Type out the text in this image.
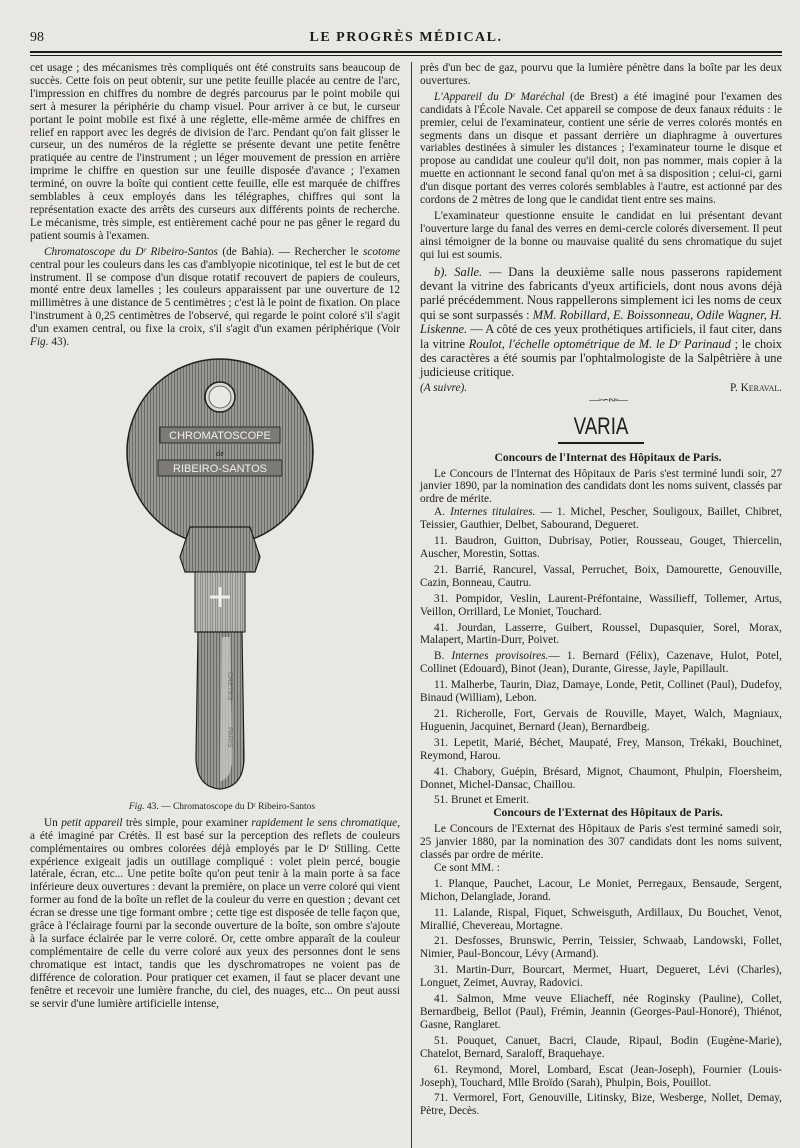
98	LE PROGRÈS MÉDICAL.

cet usage ; des mécanismes très compliqués ont été construits sans beaucoup de succès. Cette fois on peut obtenir, sur une petite feuille placée au centre de l'arc, l'impression en chiffres du nombre de degrés parcourus par le point mobile qui sert à mesurer la périphérie du champ visuel. Pour arriver à ce but, le curseur portant le point mobile est fixé à une réglette, elle-même armée de chiffres en relief en rapport avec les degrés de division de l'arc. Pendant qu'on fait glisser le curseur, un des numéros de la réglette se présente devant une petite fenêtre pratiquée au centre de l'instrument ; un léger mouvement de pression en arrière imprime le chiffre en question sur une feuille disposée d'avance ; l'examen terminé, on ouvre la boîte qui contient cette feuille, elle est marquée de chiffres semblables à ceux employés dans les télégraphes, chiffres qui sont la représentation exacte des arrêts des curseurs aux différents points de recherche. Le mécanisme, très simple, est entièrement caché pour ne pas gêner le regard du patient soumis à l'examen.

Chromatoscope du Dʳ Ribeiro-Santos (de Bahia). — Rechercher le scotome central pour les couleurs dans les cas d'amblyopie nicotinique, tel est le but de cet instrument. Il se compose d'un disque rotatif recouvert de papiers de couleurs, monté entre deux lamelles ; les couleurs apparaissent par une ouverture de 12 millimètres à une distance de 5 centimètres ; c'est là le point de fixation. On place l'instrument à 0,25 centimètres de l'observé, qui regarde le point coloré s'il s'agit d'un examen central, ou fixe la croix, s'il s'agit d'un examen périphérique (Voir Fig. 43).

CHROMATOSCOPE
de
RIBEIRO-SANTOS
CRÉTÈS
PARIS

Fig. 43. — Chromatoscope du Dʳ Ribeiro-Santos

Un petit appareil très simple, pour examiner rapidement le sens chromatique, a été imaginé par Crétès. Il est basé sur la perception des reflets de couleurs complémentaires ou ombres colorées déjà employés par le Dʳ Stilling. Cette expérience exigeait jadis un outillage compliqué : volet plein percé, bougie latérale, écran, etc... Une petite boîte qu'on peut tenir à la main porte à sa face inférieure deux ouvertures : devant la première, on place un verre coloré qui vient former au fond de la boîte un reflet de la couleur du verre en question ; devant cet écran se dresse une tige formant ombre ; cette tige est disposée de telle façon que, grâce à l'éclairage fourni par la seconde ouverture de la boîte, son ombre s'ajoute à la surface éclairée par le verre coloré. Or, cette ombre apparaît de la couleur complémentaire de celle du verre coloré aux yeux des personnes dont le sens chromatique est intact, tandis que les dyschromatropes ne voient pas de différence de coloration. Pour pratiquer cet examen, il faut se placer devant une fenêtre et recevoir une lumière franche, du ciel, des nuages, etc... On peut aussi se servir d'une lumière artificielle intense,

près d'un bec de gaz, pourvu que la lumière pénètre dans la boîte par les deux ouvertures.

L'Appareil du Dʳ Maréchal (de Brest) a été imaginé pour l'examen des candidats à l'École Navale. Cet appareil se compose de deux fanaux réduits : le premier, celui de l'examinateur, contient une série de verres colorés montés en segments dans un disque et passant derrière un diaphragme à ouvertures variables destinées à simuler les distances ; l'examinateur tourne le disque et propose au candidat une couleur qu'il doit, non pas nommer, mais copier à la muette en actionnant le second fanal qu'on met à sa disposition ; celui-ci, garni d'un disque portant des verres colorés semblables à l'autre, est actionné par des cordons de 2 mètres de long que le candidat tient entre ses mains.

L'examinateur questionne ensuite le candidat en lui présentant devant l'ouverture large du fanal des verres en demi-cercle colorés diversement. Il peut ainsi témoigner de la bonne ou mauvaise qualité du sens chromatique du sujet qui lui est soumis.

b). Salle. — Dans la deuxième salle nous passerons rapidement devant la vitrine des fabricants d'yeux artificiels, dont nous avons déjà parlé précédemment. Nous rappellerons simplement ici les noms de ceux qui se sont surpassés : MM. Robillard, E. Boissonneau, Odile Wagner, H. Liskenne. — A côté de ces yeux prothétiques artificiels, il faut citer, dans la vitrine Roulot, l'échelle optométrique de M. le Dʳ Parinaud ; le choix des caractères a été soumis par l'ophtalmologiste de la Salpêtrière à une judicieuse critique.

(A suivre).	P. Keraval.

—◦∽∾◦—

VARIA

Concours de l'Internat des Hôpitaux de Paris.

Le Concours de l'Internat des Hôpitaux de Paris s'est terminé lundi soir, 27 janvier 1890, par la nomination des candidats dont les noms suivent, classés par ordre de mérite.

A. Internes titulaires. — 1. Michel, Pescher, Souligoux, Baillet, Chibret, Teissier, Gauthier, Delbet, Sabourand, Degueret.

11. Baudron, Guitton, Dubrisay, Potier, Rousseau, Gouget, Thiercelin, Auscher, Morestin, Sottas.

21. Barrié, Rancurel, Vassal, Perruchet, Boix, Damourette, Genouville, Cazin, Bonneau, Cautru.

31. Pompidor, Veslin, Laurent-Préfontaine, Wassilieff, Tollemer, Artus, Veillon, Orrillard, Le Moniet, Touchard.

41. Jourdan, Lasserre, Guibert, Roussel, Dupasquier, Sorel, Morax, Malapert, Martin-Durr, Poivet.

B. Internes provisoires.— 1. Bernard (Félix), Cazenave, Hulot, Potel, Collinet (Edouard), Binot (Jean), Durante, Giresse, Jayle, Papillault.

11. Malherbe, Taurin, Diaz, Damaye, Londe, Petit, Collinet (Paul), Dudefoy, Binaud (William), Lebon.

21. Richerolle, Fort, Gervais de Rouville, Mayet, Walch, Magniaux, Huguenin, Jacquinet, Bernard (Jean), Bernardbeig.

31. Lepetit, Marié, Béchet, Maupaté, Frey, Manson, Trékaki, Bouchinet, Reymond, Harou.

41. Chabory, Guépin, Brésard, Mignot, Chaumont, Phulpin, Floersheim, Donnet, Michel-Dansac, Chaillou.

51. Brunet et Emerit.

Concours de l'Externat des Hôpitaux de Paris.

Le Concours de l'Externat des Hôpitaux de Paris s'est terminé samedi soir, 25 janvier 1880, par la nomination des 307 candidats dont les noms suivent, classés par ordre de mérite.

Ce sont MM. :

1. Planque, Pauchet, Lacour, Le Moniet, Perregaux, Bensaude, Sergent, Michon, Delanglade, Jorand.

11. Lalande, Rispal, Fiquet, Schweisguth, Ardillaux, Du Bouchet, Venot, Mirallié, Chevereau, Mortagne.

21. Desfosses, Brunswic, Perrin, Teissier, Schwaab, Landowski, Follet, Nimier, Paul-Boncour, Lévy (Armand).

31. Martin-Durr, Bourcart, Mermet, Huart, Degueret, Lévi (Charles), Longuet, Zeimet, Auvray, Radovici.

41. Salmon, Mme veuve Eliacheff, née Roginsky (Pauline), Collet, Bernardbeig, Bellot (Paul), Frémin, Jeannin (Georges-Paul-Honoré), Thiénot, Gasne, Ranglaret.

51. Pouquet, Canuet, Bacri, Claude, Ripaul, Bodin (Eugène-Marie), Chatelot, Bernard, Saraloff, Braquehaye.

61. Reymond, Morel, Lombard, Escat (Jean-Joseph), Fournier (Louis-Joseph), Touchard, Mlle Broïdo (Sarah), Phulpin, Bois, Pouillot.

71. Vermorel, Fort, Genouville, Litinsky, Bize, Wesberge, Nollet, Demay, Pètre, Decès.
